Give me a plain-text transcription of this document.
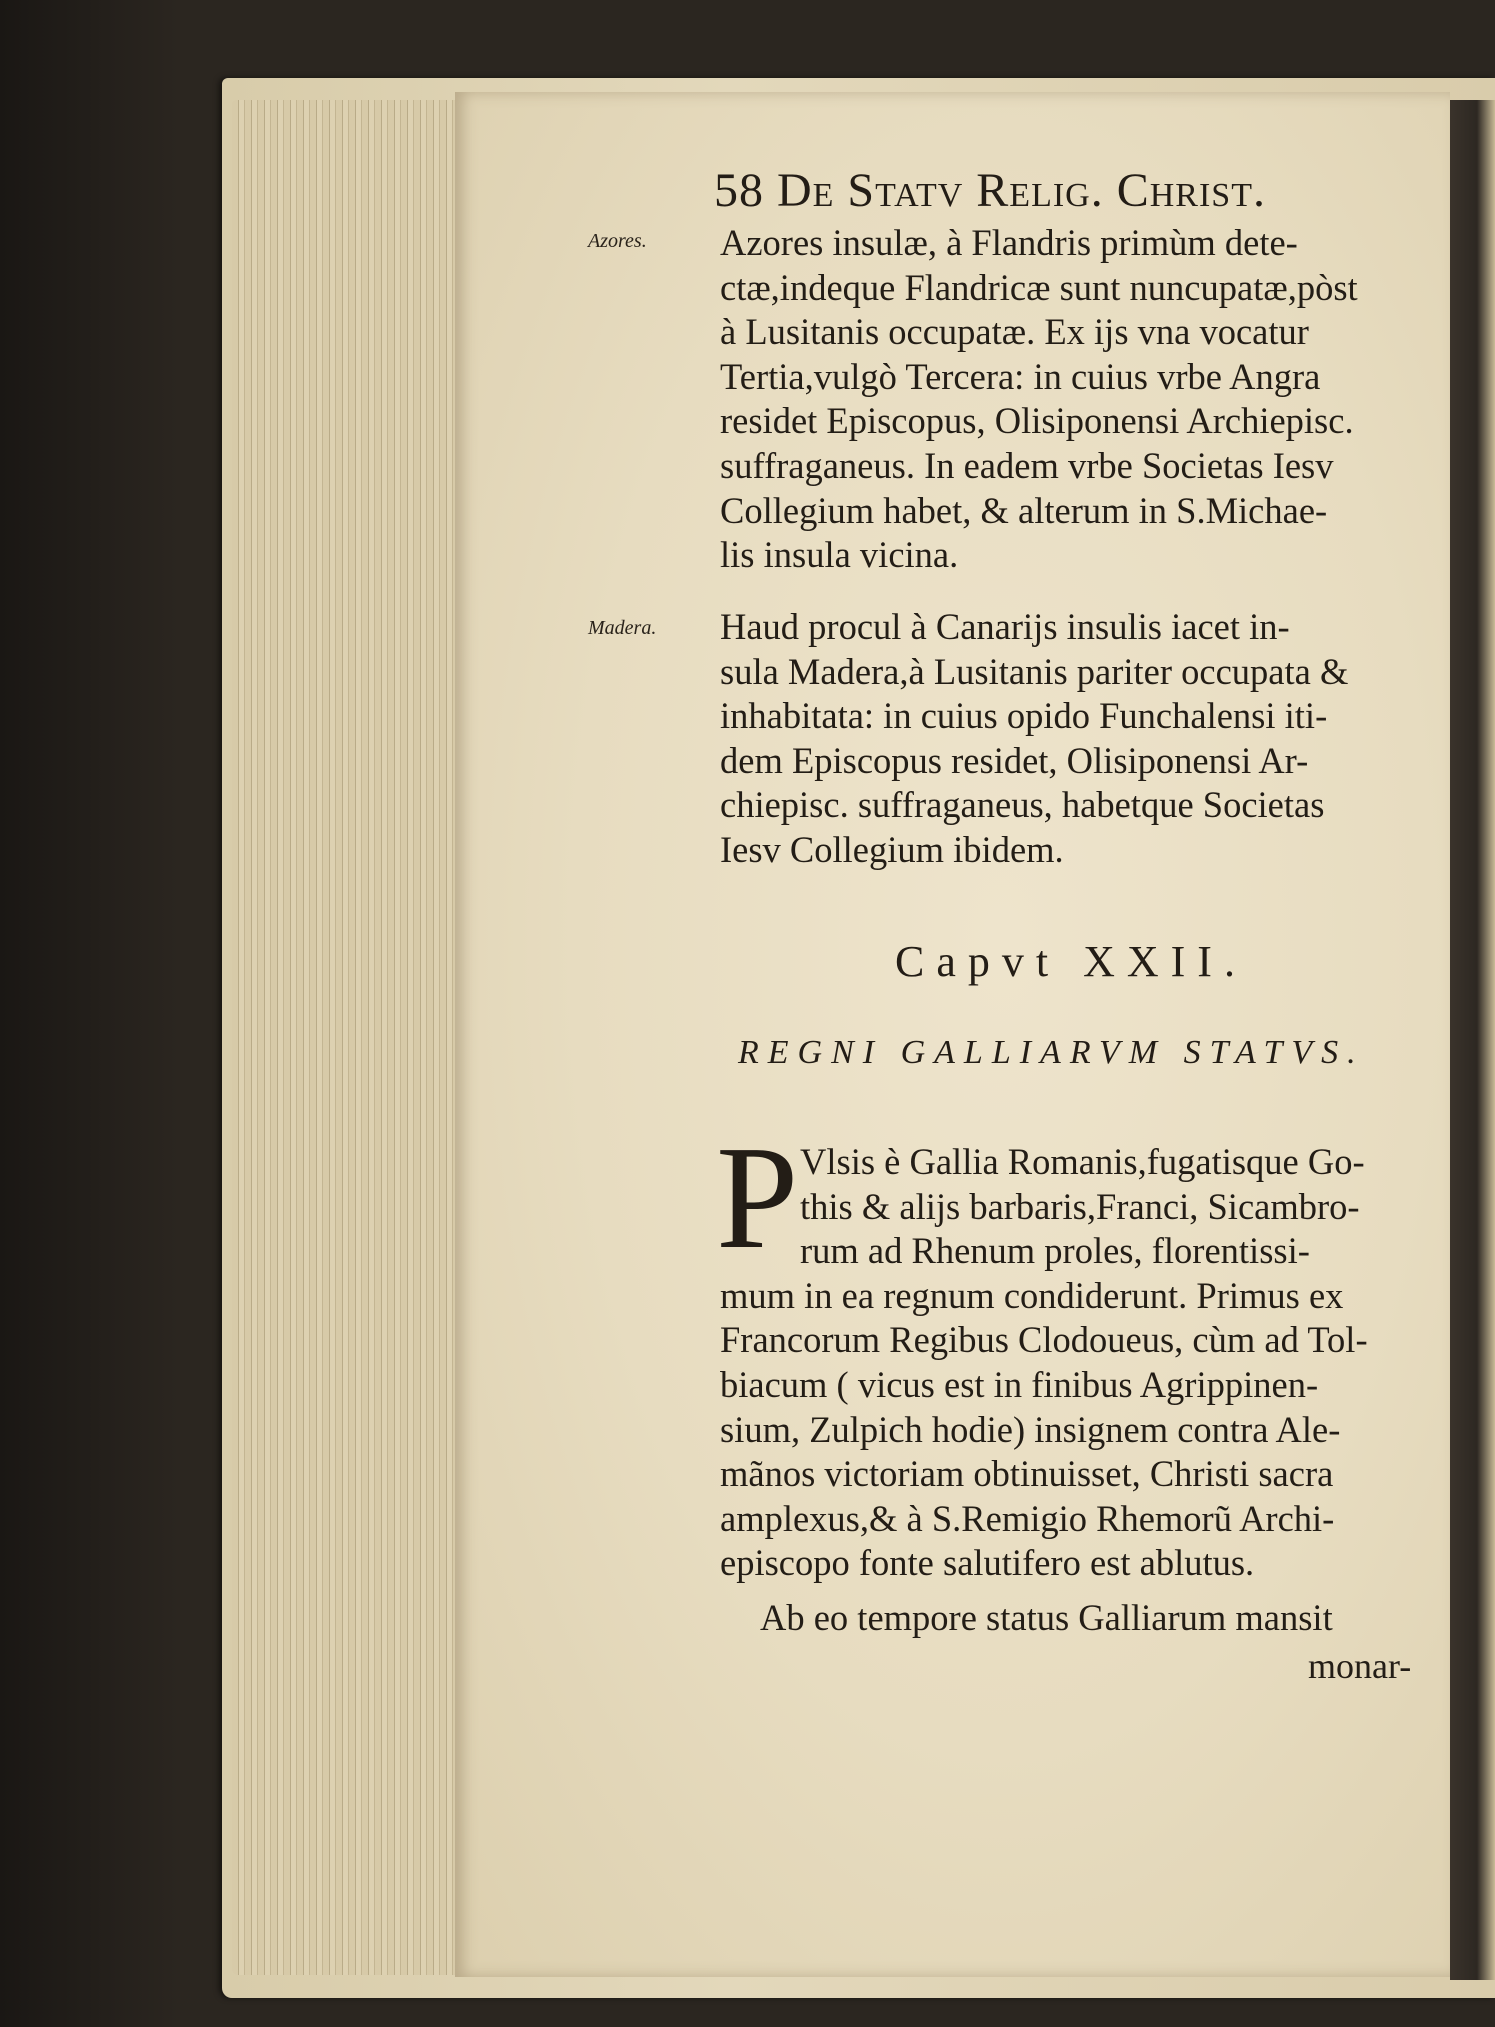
58 De Statv Relig. Christ.
Azores.
Madera.
Azores insulæ, à Flandris primùm dete-
ctæ,indeque Flandricæ sunt nuncupatæ,pòst
à Lusitanis occupatæ. Ex ijs vna vocatur
Tertia,vulgò Tercera: in cuius vrbe Angra
residet Episcopus, Olisiponensi Archiepisc.
suffraganeus. In eadem vrbe Societas Iesv
Collegium habet, & alterum in S.Michae-
lis insula vicina.
Haud procul à Canarijs insulis iacet in-
sula Madera,à Lusitanis pariter occupata &
inhabitata: in cuius opido Funchalensi iti-
dem Episcopus residet, Olisiponensi Ar-
chiepisc. suffraganeus, habetque Societas
Iesv Collegium ibidem.
Capvt XXII.
REGNI GALLIARVM STATVS.
P Vlsis è Gallia Romanis,fugatisque Go-
this & alijs barbaris,Franci, Sicambro-
rum ad Rhenum proles, florentissi-
mum in ea regnum condiderunt. Primus ex
Francorum Regibus Clodoueus, cùm ad Tol-
biacum ( vicus est in finibus Agrippinen-
sium, Zulpich hodie) insignem contra Ale-
mãnos victoriam obtinuisset, Christi sacra
amplexus,& à S.Remigio Rhemorũ Archi-
episcopo fonte salutifero est ablutus.
Ab eo tempore status Galliarum mansit
monar-
